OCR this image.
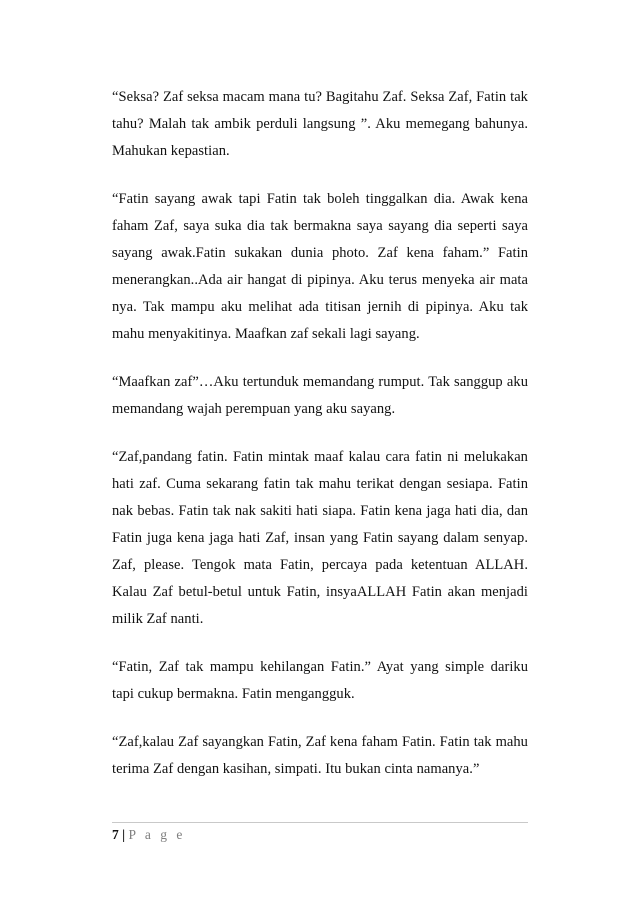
“Seksa? Zaf seksa macam mana tu? Bagitahu Zaf. Seksa Zaf, Fatin tak tahu? Malah tak ambik perduli langsung ”. Aku memegang bahunya. Mahukan kepastian.

“Fatin sayang awak tapi Fatin tak boleh tinggalkan dia. Awak kena faham Zaf, saya suka dia tak bermakna saya sayang dia seperti saya sayang awak.Fatin sukakan dunia photo. Zaf kena faham.” Fatin menerangkan..Ada air hangat di pipinya. Aku terus menyeka air mata nya. Tak mampu aku melihat ada titisan jernih di pipinya. Aku tak mahu menyakitinya. Maafkan zaf sekali lagi sayang.

“Maafkan zaf”…Aku tertunduk memandang rumput. Tak sanggup aku memandang wajah perempuan yang aku sayang.

“Zaf,pandang fatin. Fatin mintak maaf kalau cara fatin ni melukakan hati zaf. Cuma sekarang fatin tak mahu terikat dengan sesiapa. Fatin nak bebas. Fatin tak nak sakiti hati siapa. Fatin kena jaga hati dia, dan Fatin juga kena jaga hati Zaf, insan yang Fatin sayang dalam senyap. Zaf, please. Tengok mata Fatin, percaya pada ketentuan ALLAH. Kalau Zaf betul-betul untuk Fatin, insyaALLAH Fatin akan menjadi milik Zaf nanti.

“Fatin, Zaf tak mampu kehilangan Fatin.” Ayat yang simple dariku tapi cukup bermakna. Fatin mengangguk.

“Zaf,kalau Zaf sayangkan Fatin, Zaf kena faham Fatin. Fatin tak mahu terima Zaf dengan kasihan, simpati. Itu bukan cinta namanya.”

7 | P a g e
